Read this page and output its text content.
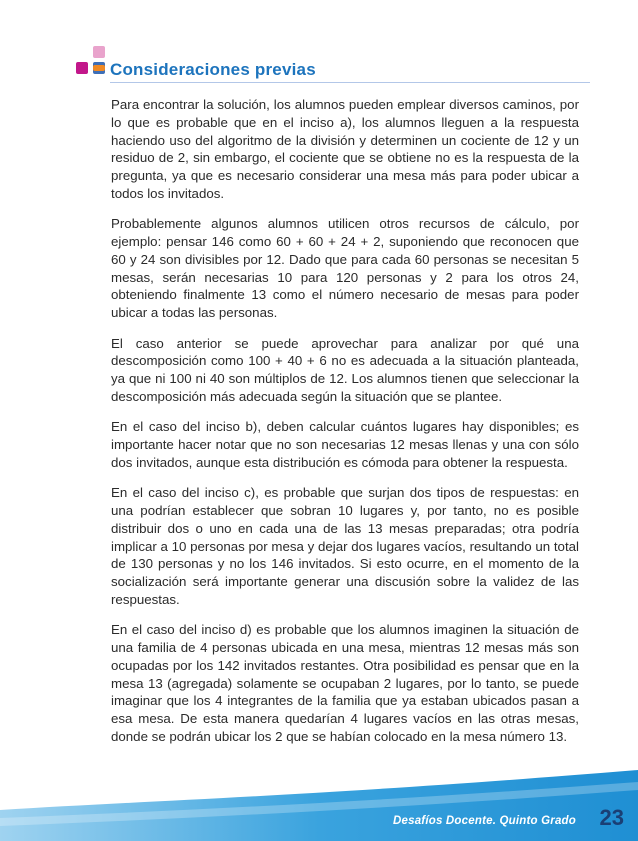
Consideraciones previas

Para encontrar la solución, los alumnos pueden emplear diversos caminos, por lo que es probable que en el inciso a), los alumnos lleguen a la respuesta haciendo uso del algoritmo de la división y determinen un cociente de 12 y un residuo de 2, sin embargo, el cociente que se obtiene no es la respuesta de la pregunta, ya que es necesario considerar una mesa más para poder ubicar a todos los invitados.

Probablemente algunos alumnos utilicen otros recursos de cálculo, por ejemplo: pensar 146 como 60 + 60 + 24 + 2, suponiendo que reconocen que 60 y 24 son divisibles por 12. Dado que para cada 60 personas se necesitan 5 mesas, serán necesarias 10 para 120 personas y 2 para los otros 24, obteniendo finalmente 13 como el número necesario de mesas para poder ubicar a todas las personas.

El caso anterior se puede aprovechar para analizar por qué una descomposición como 100 + 40 + 6 no es adecuada a la situación planteada, ya que ni 100 ni 40 son múltiplos de 12. Los alumnos tienen que seleccionar la descomposición más adecuada según la situación que se plantee.

En el caso del inciso b), deben calcular cuántos lugares hay disponibles; es importante hacer notar que no son necesarias 12 mesas llenas y una con sólo dos invitados, aunque esta distribución es cómoda para obtener la respuesta.

En el caso del inciso c), es probable que surjan dos tipos de respuestas: en una podrían establecer que sobran 10 lugares y, por tanto, no es posible distribuir dos o uno en cada una de las 13 mesas preparadas; otra podría implicar a 10 personas por mesa y dejar dos lugares vacíos, resultando un total de 130 personas y no los 146 invitados. Si esto ocurre, en el momento de la socialización será importante generar una discusión sobre la validez de las respuestas.

En el caso del inciso d) es probable que los alumnos imaginen la situación de una familia de 4 personas ubicada en una mesa, mientras 12 mesas más son ocupadas por los 142 invitados restantes. Otra posibilidad es pensar que en la mesa 13 (agregada) solamente se ocupaban 2 lugares, por lo tanto, se puede imaginar que los 4 integrantes de la familia que ya estaban ubicados pasan a esa mesa. De esta manera quedarían 4 lugares vacíos en las otras mesas, donde se podrán ubicar los 2 que se habían colocado en la mesa número 13.

Desafíos Docente. Quinto Grado 23
